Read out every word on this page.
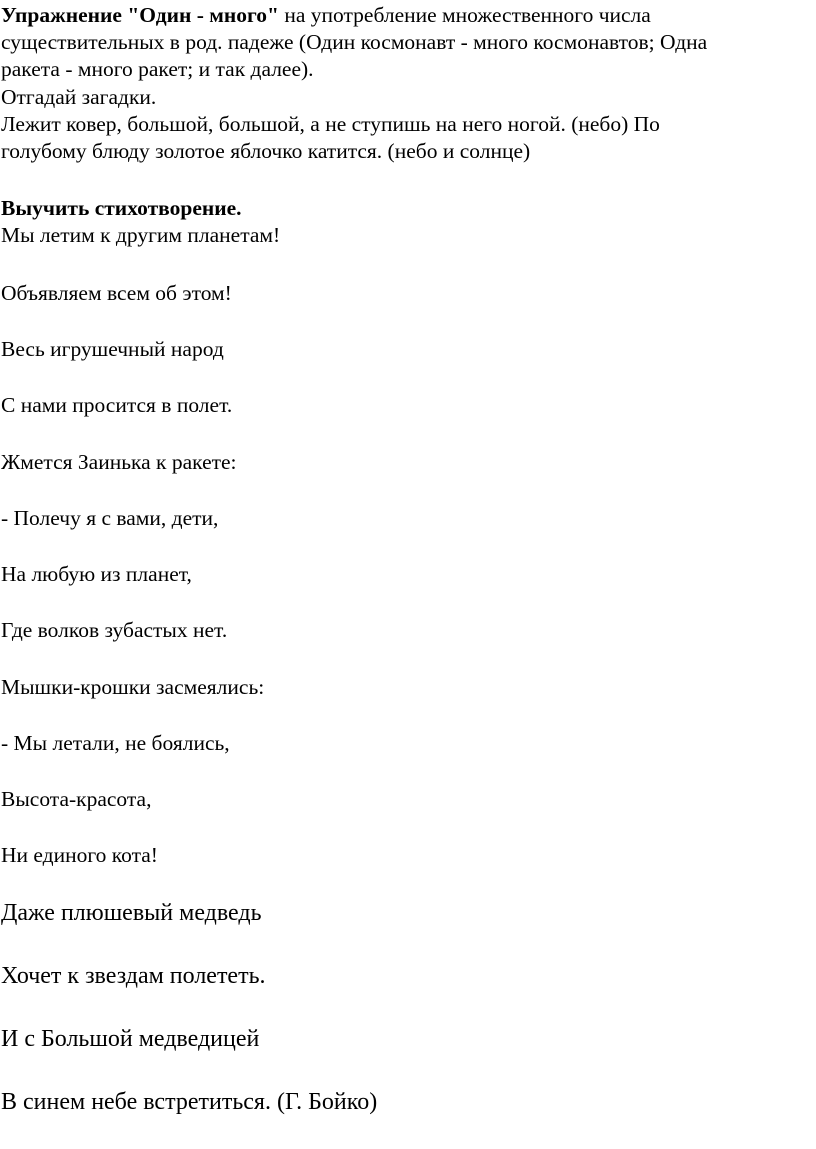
Упражнение "Один - много" на употребление множественного числа
существительных в род. падеже (Один космонавт - много космонавтов; Одна
ракета - много ракет; и так далее).
Отгадай загадки.
Лежит ковер, большой, большой, а не ступишь на него ногой. (небо) По
голубому блюду золотое яблочко катится. (небо и солнце)
Выучить стихотворение.
Мы летим к другим планетам!
Объявляем всем об этом!
Весь игрушечный народ
С нами просится в полет.
Жмется Заинька к ракете:
- Полечу я с вами, дети,
На любую из планет,
Где волков зубастых нет.
Мышки-крошки засмеялись:
- Мы летали, не боялись,
Высота-красота,
Ни единого кота!
Даже плюшевый медведь
Хочет к звездам полететь.
И с Большой медведицей
В синем небе встретиться. (Г. Бойко)
